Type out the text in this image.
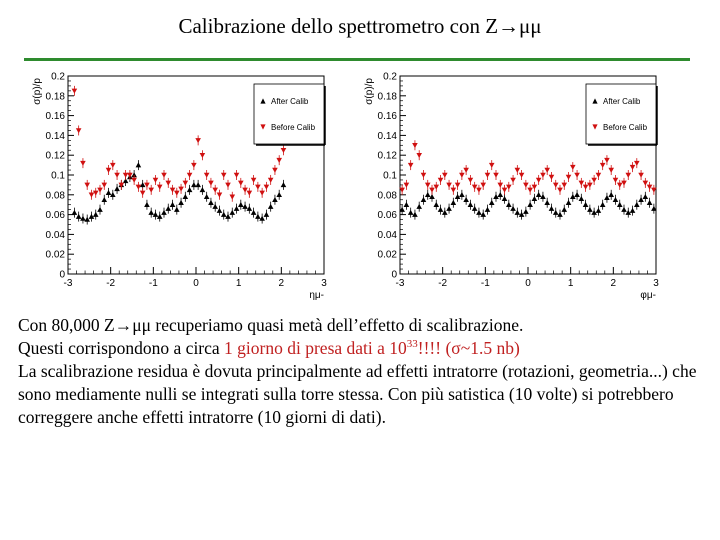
Calibrazione dello spettrometro con Z→μμ
0
0.02
0.04
0.06
0.08
0.1
0.12
0.14
0.16
0.18
0.2
-3	-2	-1	0	1	2	3
σ(p)/p
ημ-
After Calib
Before Calib
0
0.02
0.04
0.06
0.08
0.1
0.12
0.14
0.16
0.18
0.2
-3	-2	-1	0	1	2	3
σ(p)/p
φμ-
After Calib
Before Calib

Con 80,000 Z→μμ recuperiamo quasi metà dell’effetto di scalibrazione.

Questi corrispondono a circa 1 giorno di presa dati a $10^{33}$!!!! (σ~1.5 nb)

La scalibrazione residua è dovuta principalmente ad effetti intratorre (rotazioni, geometria...) che sono mediamente nulli se integrati sulla torre stessa. Con più satistica (10 volte) si potrebbero correggere anche effetti intratorre (10 giorni di dati).
